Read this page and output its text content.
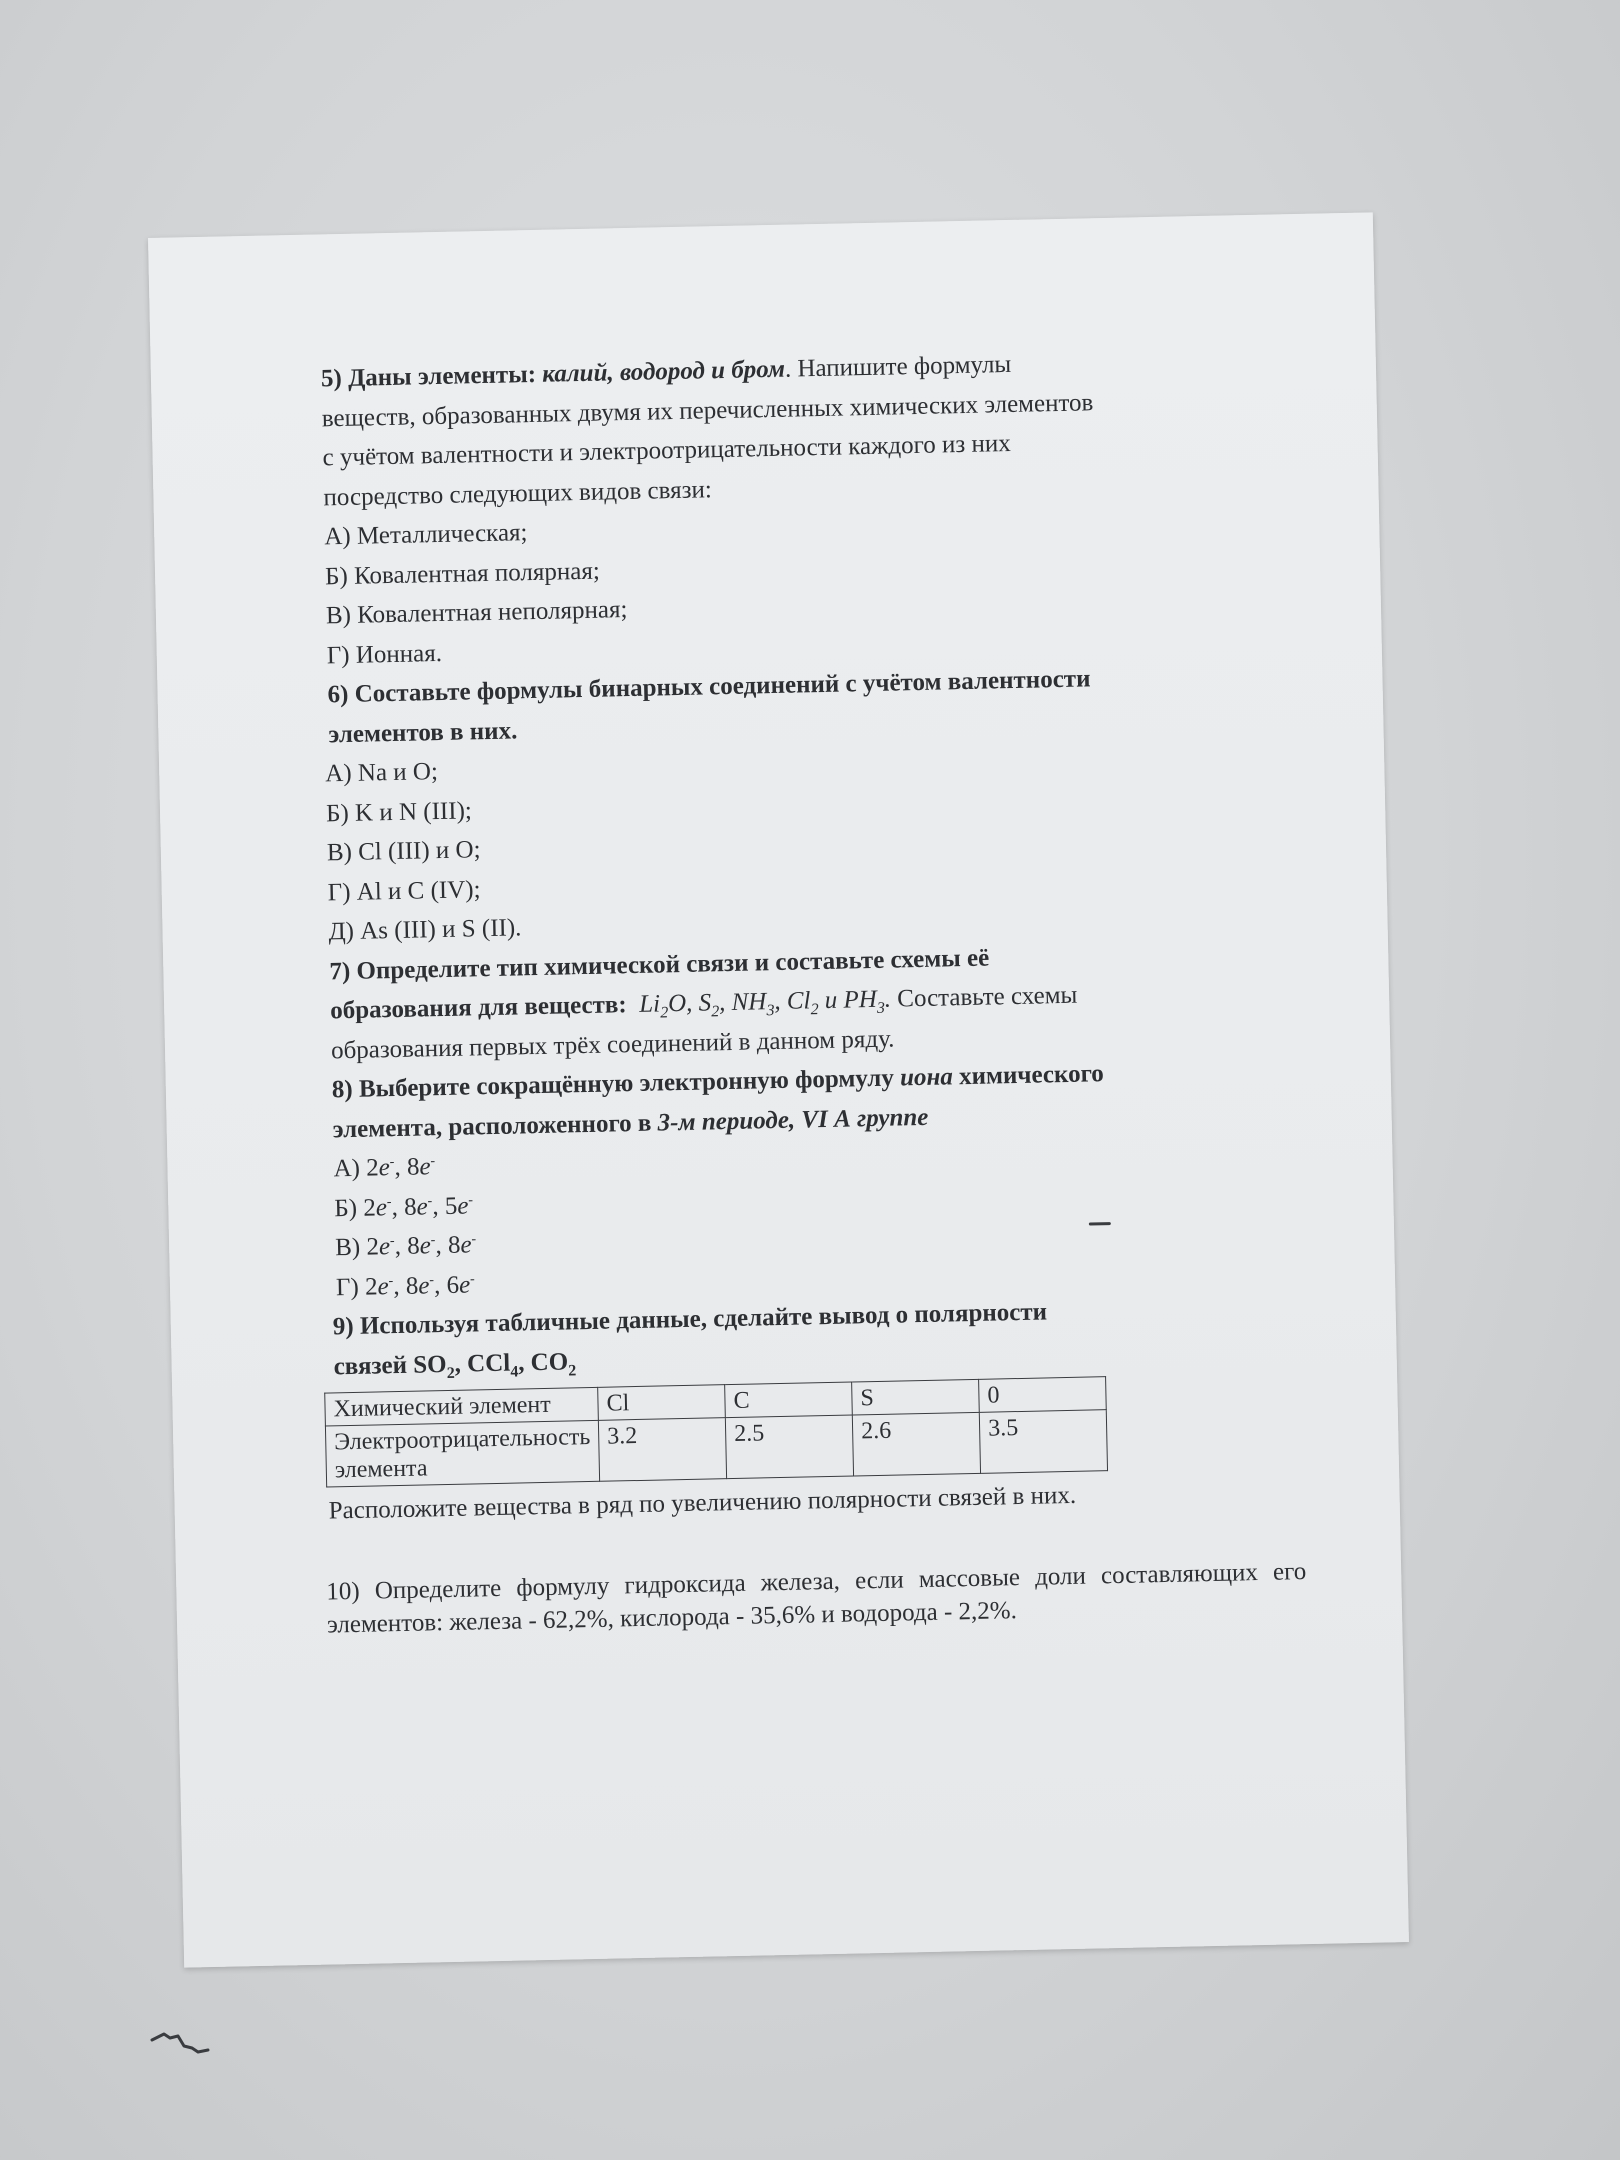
5) Даны элементы: калий, водород и бром. Напишите формулы

веществ, образованных двумя их перечисленных химических элементов

с учётом валентности и электроотрицательности каждого из них

посредство следующих видов связи:

А) Металлическая;

Б) Ковалентная полярная;

В) Ковалентная неполярная;

Г) Ионная.

6) Составьте формулы бинарных соединений с учётом валентности

элементов в них.

А) Na и O;

Б) K и N (III);

В) Cl (III) и O;

Г) Al и C (IV);

Д) As (III) и S (II).

7) Определите тип химической связи и составьте схемы её

образования для веществ: $Li_2O$, $S_2$, $NH_3$, $Cl_2$ и $PH_3$. Составьте схемы

образования первых трёх соединений в данном ряду.

8) Выберите сокращённую электронную формулу иона химического

элемента, расположенного в 3-м периоде, VI А группе

А) 2e-, 8e-

Б) 2e-, 8e-, 5e-

В) 2e-, 8e-, 8e-

Г) 2e-, 8e-, 6e-

9) Используя табличные данные, сделайте вывод о полярности

связей $SO_2$, CCl$_4$, $CO_2$

Химический элемент	Cl	C	S	0
Электроотрицательность
элемента	3.2	2.5	2.6	3.5

Расположите вещества в ряд по увеличению полярности связей в них.

10) Определите формулу гидроксида железа, если массовые доли составляющих его элементов: железа - 62,2%, кислорода - 35,6% и водорода - 2,2%.
